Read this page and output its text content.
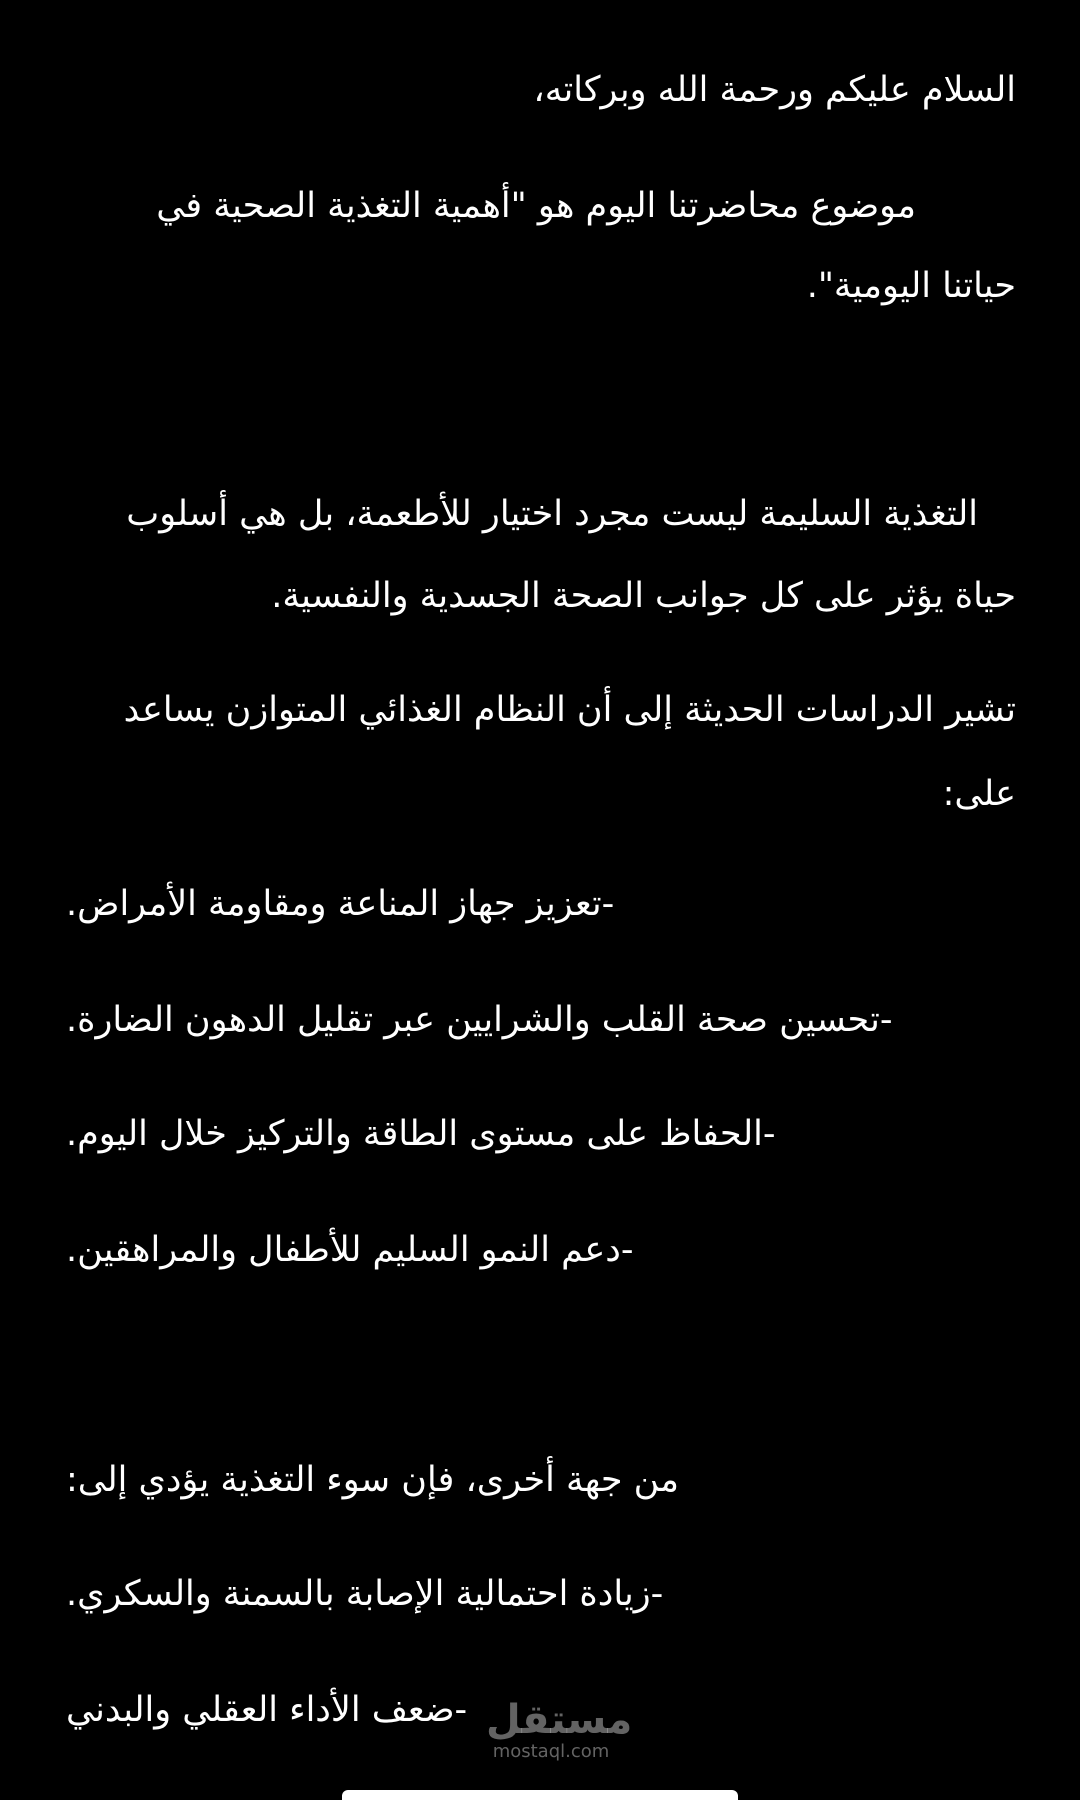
السلام عليكم ورحمة الله وبركاته،
موضوع محاضرتنا اليوم هو "أهمية التغذية الصحية في
حياتنا اليومية".
التغذية السليمة ليست مجرد اختيار للأطعمة، بل هي أسلوب
حياة يؤثر على كل جوانب الصحة الجسدية والنفسية.
تشير الدراسات الحديثة إلى أن النظام الغذائي المتوازن يساعد
على:
-تعزيز جهاز المناعة ومقاومة الأمراض.
-تحسين صحة القلب والشرايين عبر تقليل الدهون الضارة.
-الحفاظ على مستوى الطاقة والتركيز خلال اليوم.
-دعم النمو السليم للأطفال والمراهقين.
من جهة أخرى، فإن سوء التغذية يؤدي إلى:
-زيادة احتمالية الإصابة بالسمنة والسكري.
-ضعف الأداء العقلي والبدني مستقل
mostaql.com
